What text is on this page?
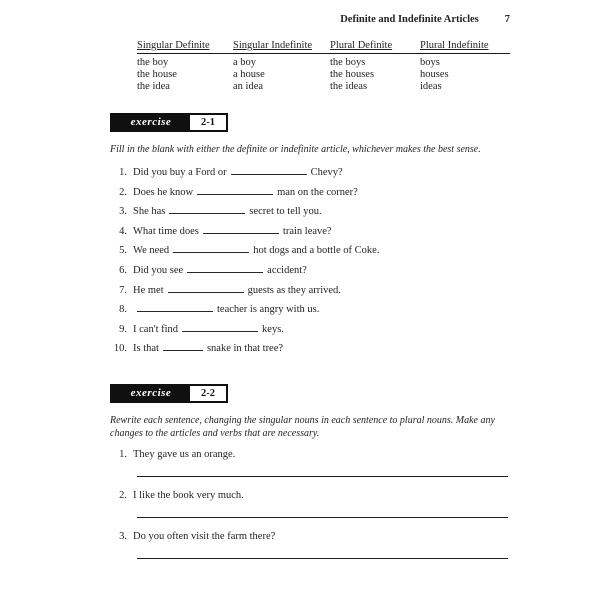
Definite and Indefinite Articles 7
Singular Definite	Singular Indefinite	Plural Definite	Plural Indefinite
the boy	a boy	the boys	boys
the house	a house	the houses	houses
the idea	an idea	the ideas	ideas
exercise	2-1
Fill in the blank with either the definite or indefinite article, whichever makes the best sense.
1. Did you buy a Ford or	Chevy?
2. Does he know	man on the corner?
3. She has	secret to tell you.
4. What time does	train leave?
5. We need	hot dogs and a bottle of Coke.
6. Did you see	accident?
7. He met	guests as they arrived.
8.	teacher is angry with us.
9. I can't find	keys.
10. Is that	snake in that tree?
exercise	2-2
Rewrite each sentence, changing the singular nouns in each sentence to plural nouns. Make any changes to the articles and verbs that are necessary.
1. They gave us an orange.
2. I like the book very much.
3. Do you often visit the farm there?
